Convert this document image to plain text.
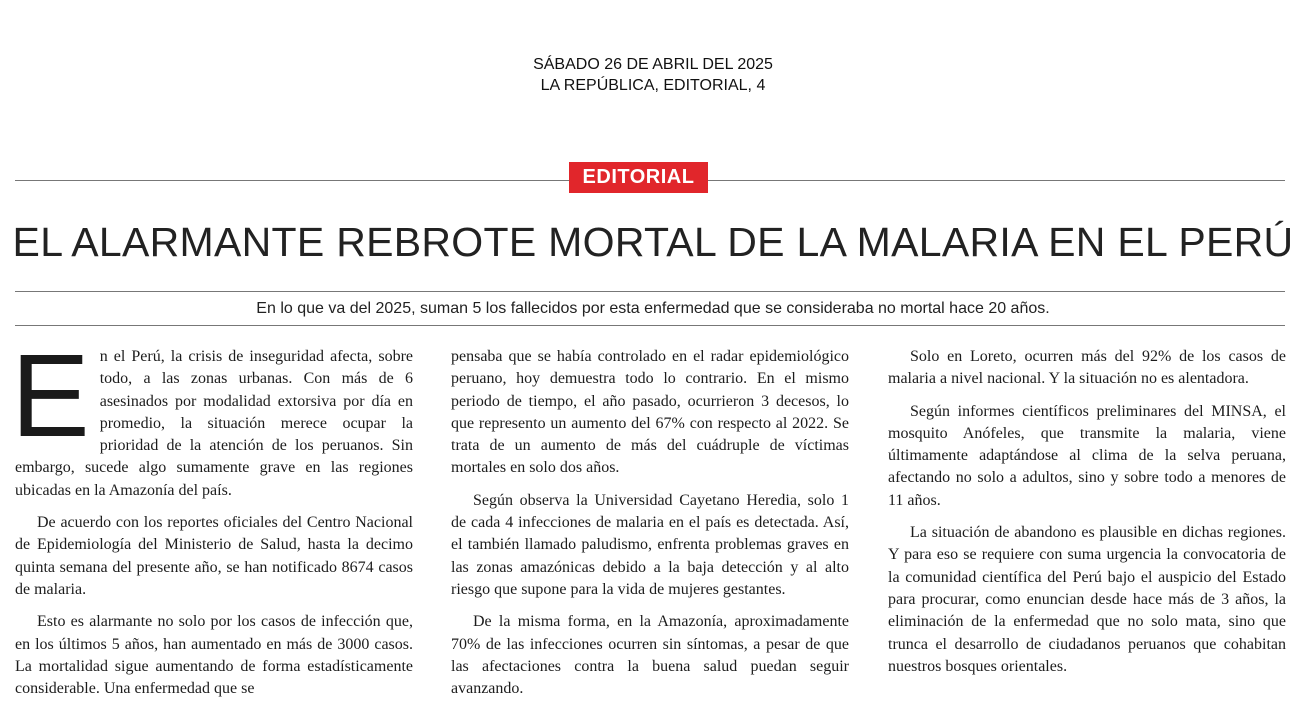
SÁBADO 26 DE ABRIL DEL 2025
LA REPÚBLICA, EDITORIAL, 4
EDITORIAL
EL ALARMANTE REBROTE MORTAL DE LA MALARIA EN EL PERÚ
En lo que va del 2025, suman 5 los fallecidos por esta enfermedad que se consideraba no mortal hace 20 años.

En el Perú, la crisis de inseguridad afecta, sobre todo, a las zonas urbanas. Con más de 6 asesinados por modalidad extorsiva por día en promedio, la situación merece ocupar la prioridad de la atención de los peruanos. Sin embargo, sucede algo sumamente grave en las regiones ubicadas en la Amazonía del país.

De acuerdo con los reportes oficiales del Centro Nacional de Epidemiología del Ministerio de Salud, hasta la decimo quinta semana del presente año, se han notificado 8674 casos de malaria.

Esto es alarmante no solo por los casos de infección que, en los últimos 5 años, han aumentado en más de 3000 casos. La mortalidad sigue aumentando de forma estadísticamente considerable. Una enfermedad que se

pensaba que se había controlado en el radar epidemiológico peruano, hoy demuestra todo lo contrario. En el mismo periodo de tiempo, el año pasado, ocurrieron 3 decesos, lo que represento un aumento del 67% con respecto al 2022. Se trata de un aumento de más del cuádruple de víctimas mortales en solo dos años.

Según observa la Universidad Cayetano Heredia, solo 1 de cada 4 infecciones de malaria en el país es detectada. Así, el también llamado paludismo, enfrenta problemas graves en las zonas amazónicas debido a la baja detección y al alto riesgo que supone para la vida de mujeres gestantes.

De la misma forma, en la Amazonía, aproximadamente 70% de las infecciones ocurren sin síntomas, a pesar de que las afectaciones contra la buena salud puedan seguir avanzando.

Solo en Loreto, ocurren más del 92% de los casos de malaria a nivel nacional. Y la situación no es alentadora.

Según informes científicos preliminares del MINSA, el mosquito Anófeles, que transmite la malaria, viene últimamente adaptándose al clima de la selva peruana, afectando no solo a adultos, sino y sobre todo a menores de 11 años.

La situación de abandono es plausible en dichas regiones. Y para eso se requiere con suma urgencia la convocatoria de la comunidad científica del Perú bajo el auspicio del Estado para procurar, como enuncian desde hace más de 3 años, la eliminación de la enfermedad que no solo mata, sino que trunca el desarrollo de ciudadanos peruanos que cohabitan nuestros bosques orientales.
